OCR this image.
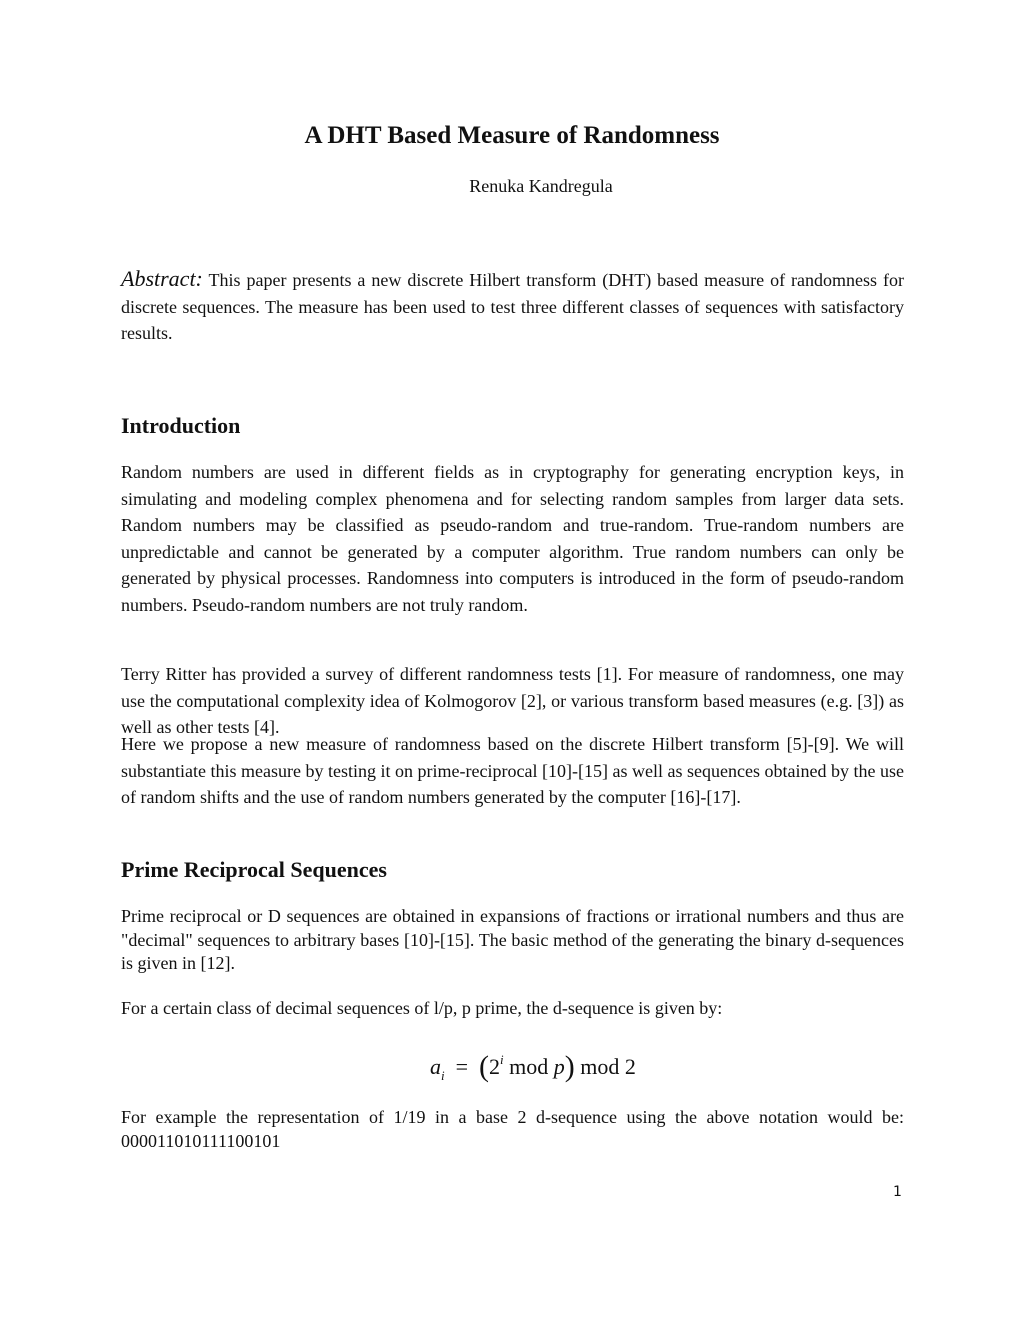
A DHT Based Measure of Randomness
Renuka Kandregula
Abstract: This paper presents a new discrete Hilbert transform (DHT) based measure of randomness for discrete sequences. The measure has been used to test three different classes of sequences with satisfactory results.
Introduction

Random numbers are used in different fields as in cryptography for generating encryption keys, in simulating and modeling complex phenomena and for selecting random samples from larger data sets. Random numbers may be classified as pseudo-random and true-random. True-random numbers are unpredictable and cannot be generated by a computer algorithm. True random numbers can only be generated by physical processes. Randomness into computers is introduced in the form of pseudo-random numbers. Pseudo-random numbers are not truly random.

Terry Ritter has provided a survey of different randomness tests [1]. For measure of randomness, one may use the computational complexity idea of Kolmogorov [2], or various transform based measures (e.g. [3]) as well as other tests [4].

Here we propose a new measure of randomness based on the discrete Hilbert transform [5]-[9]. We will substantiate this measure by testing it on prime-reciprocal [10]-[15] as well as sequences obtained by the use of random shifts and the use of random numbers generated by the computer [16]-[17].

Prime Reciprocal Sequences

Prime reciprocal or D sequences are obtained in expansions of fractions or irrational numbers and thus are "decimal" sequences to arbitrary bases [10]-[15]. The basic method of the generating the binary d-sequences is given in [12].

For a certain class of decimal sequences of l/p, p prime, the d-sequence is given by:

$a_i = (2^i$ mod p) mod 2

For example the representation of 1/19 in a base 2 d-sequence using the above notation would be: 000011010111100101

1
